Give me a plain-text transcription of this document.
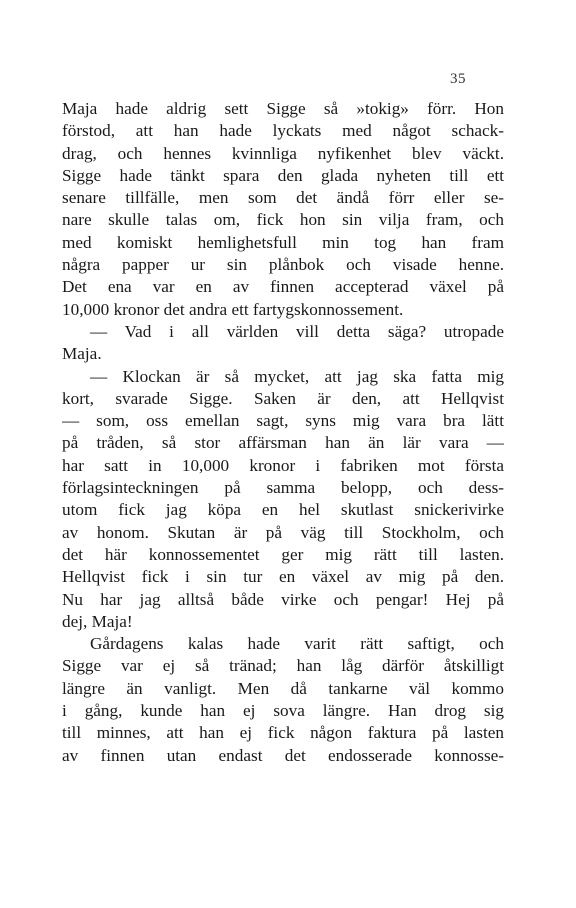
35
Maja hade aldrig sett Sigge så »tokig» förr. Hon
förstod, att han hade lyckats med något schack-
drag, och hennes kvinnliga nyfikenhet blev väckt.
Sigge hade tänkt spara den glada nyheten till ett
senare tillfälle, men som det ändå förr eller se-
nare skulle talas om, fick hon sin vilja fram, och
med komiskt hemlighetsfull min tog han fram
några papper ur sin plånbok och visade henne.
Det ena var en av finnen accepterad växel på
10,000 kronor det andra ett fartygskonnossement.
— Vad i all världen vill detta säga? utropade
Maja.
— Klockan är så mycket, att jag ska fatta mig
kort, svarade Sigge. Saken är den, att Hellqvist
— som, oss emellan sagt, syns mig vara bra lätt
på tråden, så stor affärsman han än lär vara —
har satt in 10,000 kronor i fabriken mot första
förlagsinteckningen på samma belopp, och dess-
utom fick jag köpa en hel skutlast snickerivirke
av honom. Skutan är på väg till Stockholm, och
det här konnossementet ger mig rätt till lasten.
Hellqvist fick i sin tur en växel av mig på den.
Nu har jag alltså både virke och pengar! Hej på
dej, Maja!
Gårdagens kalas hade varit rätt saftigt, och
Sigge var ej så tränad; han låg därför åtskilligt
längre än vanligt. Men då tankarne väl kommo
i gång, kunde han ej sova längre. Han drog sig
till minnes, att han ej fick någon faktura på lasten
av finnen utan endast det endosserade konnosse-
